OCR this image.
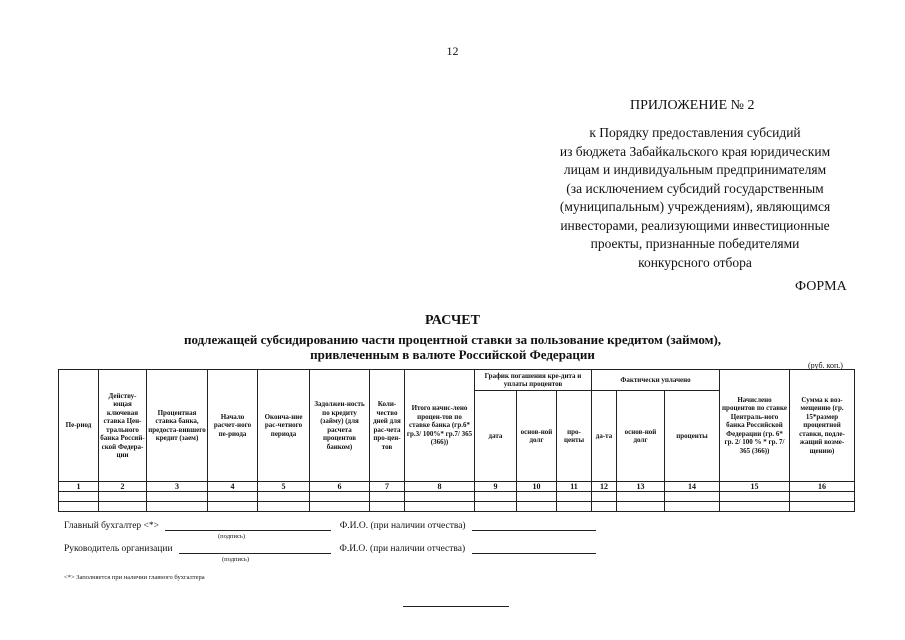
12
ПРИЛОЖЕНИЕ № 2
к Порядку предоставления субсидий
из бюджета Забайкальского края юридическим
лицам и индивидуальным предпринимателям
(за исключением субсидий государственным
(муниципальным) учреждениям), являющимся
инвесторами, реализующими инвестиционные
проекты, признанные победителями
конкурсного отбора
ФОРМА
РАСЧЕТ
подлежащей субсидированию части процентной ставки за пользование кредитом (займом),
привлеченным в валюте Российской Федерации
(руб. коп.)
Пе-риод	Действу-ющая ключевая ставка Цен-трального банка Россий-ской Федера-ции	Процентная ставка банка, предоста-вившего кредит (заем)	Начало расчет-ного пе-риода	Оконча-ние рас-четного периода	Задолжен-ность по кредиту (займу) (для расчета процентов банком)	Коли-чество дней для рас-чета про-цен-тов	Итого начис-лено процен-тов по ставке банка (гр.6* гр.3/ 100%* гр.7/ 365 (366))	График погашения кре-дита и уплаты процентов			Фактически уплачено			Начислено процентов по ставке Централь-ного банка Российской Федерации (гр. 6* гр. 2/ 100 % * гр. 7/ 365 (366))	Сумма к воз-мещению (гр. 15*размер процентной ставки, подле-жащий возме-щению)
								дата	основ-ной долг	про-центы	да-та	основ-ной долг	проценты		
1	2	3	4	5	6	7	8	9	10	11	12	13	14	15	16

Главный бухгалтер <*>	Ф.И.О. (при наличии отчества)
(подпись)
Руководитель организации	Ф.И.О. (при наличии отчества)
(подпись)
<*> Заполняется при наличии главного бухгалтера
